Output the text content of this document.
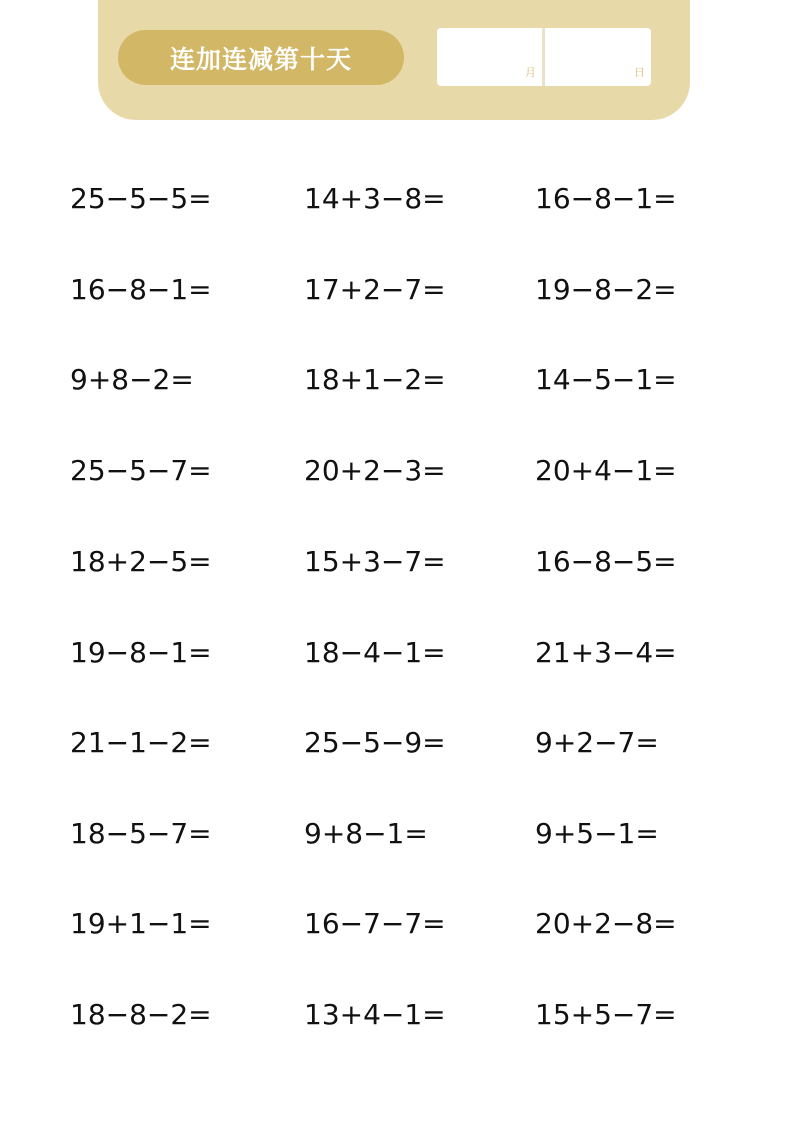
连加连减第十天	月	日
25−5−5=	14+3−8=	16−8−1=
16−8−1=	17+2−7=	19−8−2=
9+8−2=	18+1−2=	14−5−1=
25−5−7=	20+2−3=	20+4−1=
18+2−5=	15+3−7=	16−8−5=
19−8−1=	18−4−1=	21+3−4=
21−1−2=	25−5−9=	9+2−7=
18−5−7=	9+8−1=	9+5−1=
19+1−1=	16−7−7=	20+2−8=
18−8−2=	13+4−1=	15+5−7=
